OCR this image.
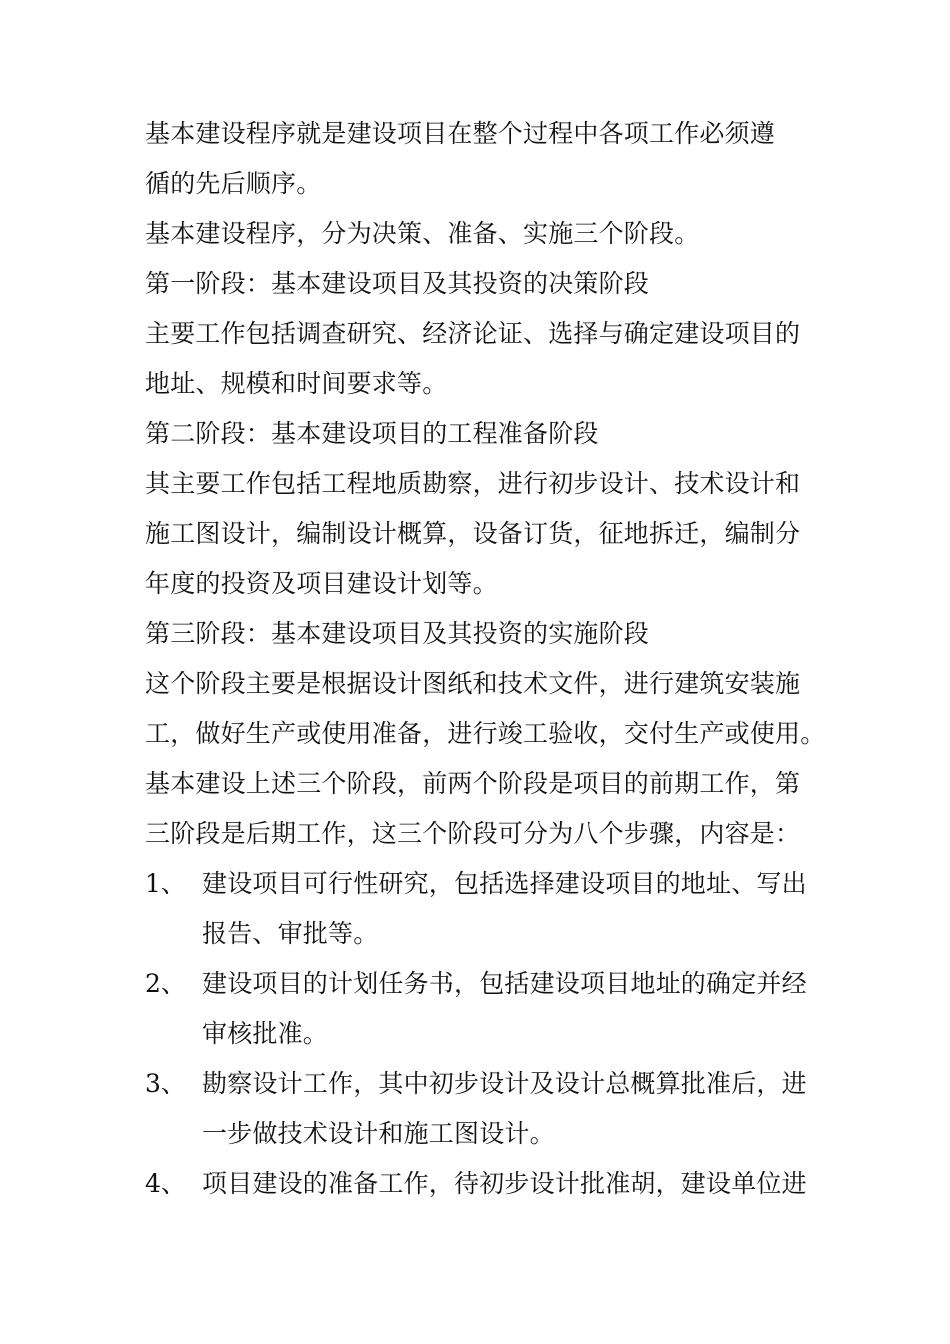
基本建设程序就是建设项目在整个过程中各项工作必须遵
循的先后顺序。
基本建设程序，分为决策、准备、实施三个阶段。
第一阶段：基本建设项目及其投资的决策阶段
主要工作包括调查研究、经济论证、选择与确定建设项目的
地址、规模和时间要求等。
第二阶段：基本建设项目的工程准备阶段
其主要工作包括工程地质勘察，进行初步设计、技术设计和
施工图设计，编制设计概算，设备订货，征地拆迁，编制分
年度的投资及项目建设计划等。
第三阶段：基本建设项目及其投资的实施阶段
这个阶段主要是根据设计图纸和技术文件，进行建筑安装施
工，做好生产或使用准备，进行竣工验收，交付生产或使用。
基本建设上述三个阶段，前两个阶段是项目的前期工作，第
三阶段是后期工作，这三个阶段可分为八个步骤，内容是：
1、 建设项目可行性研究，包括选择建设项目的地址、写出
报告、审批等。
2、 建设项目的计划任务书，包括建设项目地址的确定并经
审核批准。
3、 勘察设计工作，其中初步设计及设计总概算批准后，进
一步做技术设计和施工图设计。
4、 项目建设的准备工作，待初步设计批准胡，建设单位进
